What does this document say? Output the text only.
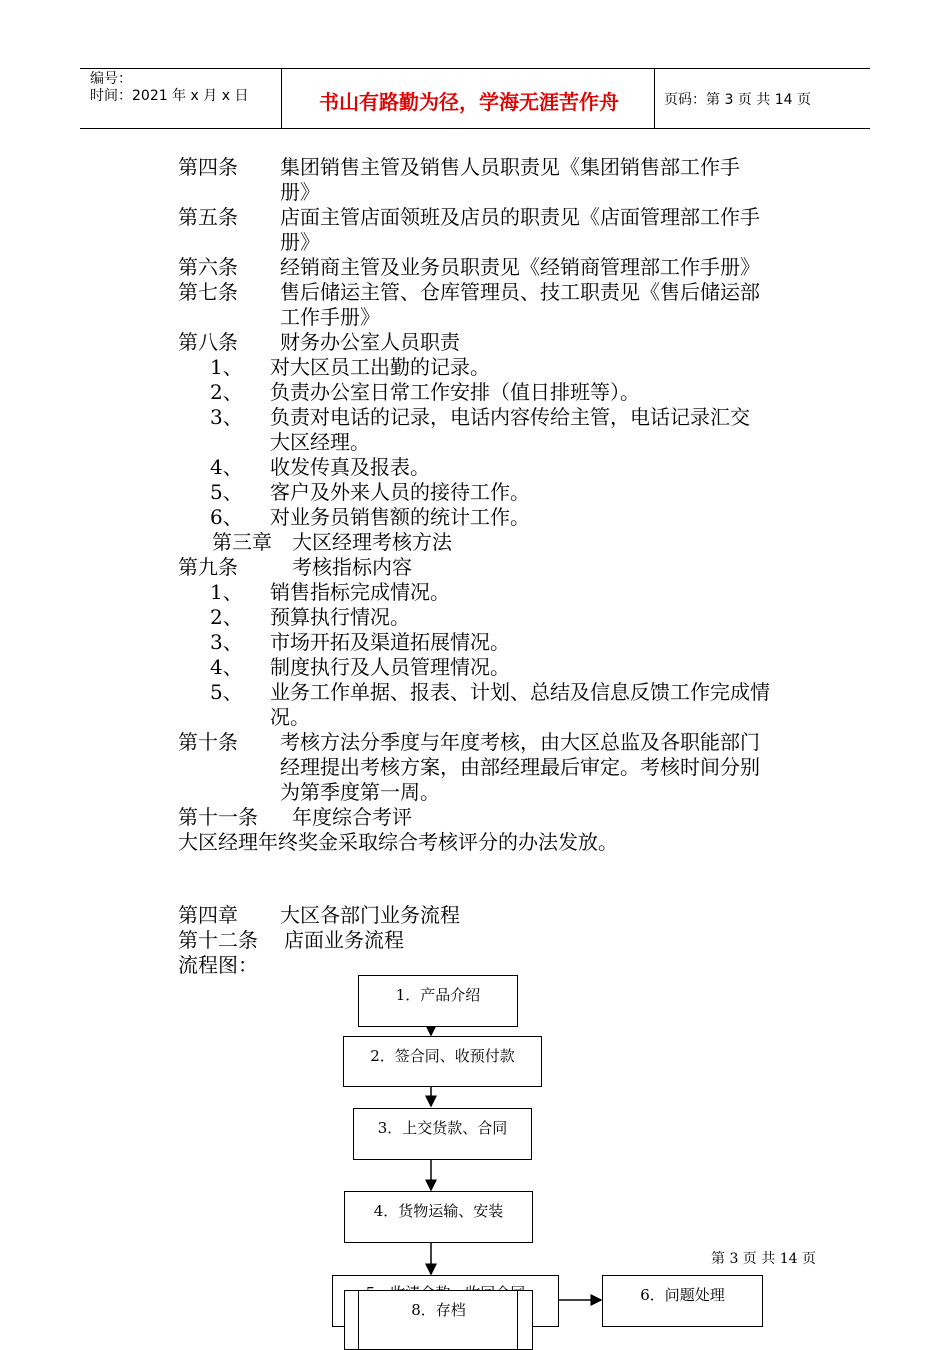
编号：
时间：2021 年 x 月 x 日	书山有路勤为径，学海无涯苦作舟	页码：第 3 页 共 14 页
第四条 集团销售主管及销售人员职责见《集团销售部工作手
册》
第五条 店面主管店面领班及店员的职责见《店面管理部工作手
册》
第六条 经销商主管及业务员职责见《经销商管理部工作手册》
第七条 售后储运主管、仓库管理员、技工职责见《售后储运部
工作手册》
第八条 财务办公室人员职责
1、 对大区员工出勤的记录。
2、 负责办公室日常工作安排（值日排班等）。
3、 负责对电话的记录，电话内容传给主管，电话记录汇交
大区经理。
4、 收发传真及报表。
5、 客户及外来人员的接待工作。
6、 对业务员销售额的统计工作。
第三章　大区经理考核方法
第九条	考核指标内容
1、 销售指标完成情况。
2、 预算执行情况。
3、 市场开拓及渠道拓展情况。
4、 制度执行及人员管理情况。
5、 业务工作单据、报表、计划、总结及信息反馈工作完成情
况。
第十条 考核方法分季度与年度考核，由大区总监及各职能部门
经理提出考核方案，由部经理最后审定。考核时间分别
为第季度第一周。
第十一条 年度综合考评
大区经理年终奖金采取综合考核评分的办法发放。
第四章 大区各部门业务流程
第十二条 店面业务流程
流程图：
1．产品介绍
2．签合同、收预付款
3．上交货款、合同
4．货物运输、安装
6．问题处理
8．存档
第 3 页 共 14 页
